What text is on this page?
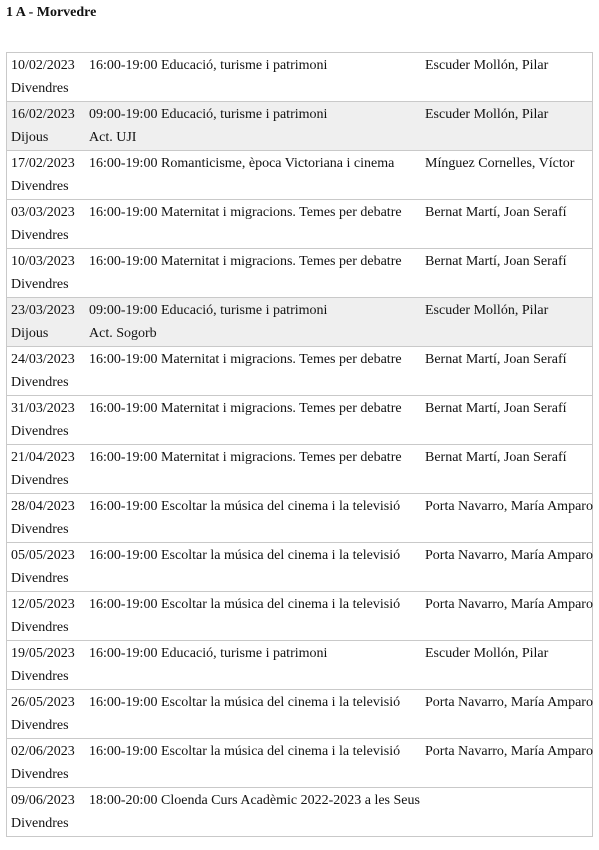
1 A - Morvedre
10/02/2023
Divendres
16:00-19:00 Educació, turisme i patrimoni	Escuder Mollón, Pilar
16/02/2023
Dijous
09:00-19:00 Educació, turisme i patrimoni
Act. UJI
Escuder Mollón, Pilar
17/02/2023
Divendres
16:00-19:00 Romanticisme, època Victoriana i cinema Mínguez Cornelles, Víctor
03/03/2023
Divendres
16:00-19:00 Maternitat i migracions. Temes per debatre Bernat Martí, Joan Serafí
10/03/2023
Divendres
16:00-19:00 Maternitat i migracions. Temes per debatre Bernat Martí, Joan Serafí
23/03/2023
Dijous
09:00-19:00 Educació, turisme i patrimoni
Act. Sogorb
Escuder Mollón, Pilar
24/03/2023
Divendres
16:00-19:00 Maternitat i migracions. Temes per debatre Bernat Martí, Joan Serafí
31/03/2023
Divendres
16:00-19:00 Maternitat i migracions. Temes per debatre Bernat Martí, Joan Serafí
21/04/2023
Divendres
16:00-19:00 Maternitat i migracions. Temes per debatre Bernat Martí, Joan Serafí
28/04/2023
Divendres
16:00-19:00 Escoltar la música del cinema i la televisió Porta Navarro, María Amparo
05/05/2023
Divendres
16:00-19:00 Escoltar la música del cinema i la televisió Porta Navarro, María Amparo
12/05/2023
Divendres
16:00-19:00 Escoltar la música del cinema i la televisió Porta Navarro, María Amparo
19/05/2023
Divendres
16:00-19:00 Educació, turisme i patrimoni	Escuder Mollón, Pilar
26/05/2023
Divendres
16:00-19:00 Escoltar la música del cinema i la televisió Porta Navarro, María Amparo
02/06/2023
Divendres
16:00-19:00 Escoltar la música del cinema i la televisió Porta Navarro, María Amparo
09/06/2023
Divendres
18:00-20:00 Cloenda Curs Acadèmic 2022-2023 a les Seus
